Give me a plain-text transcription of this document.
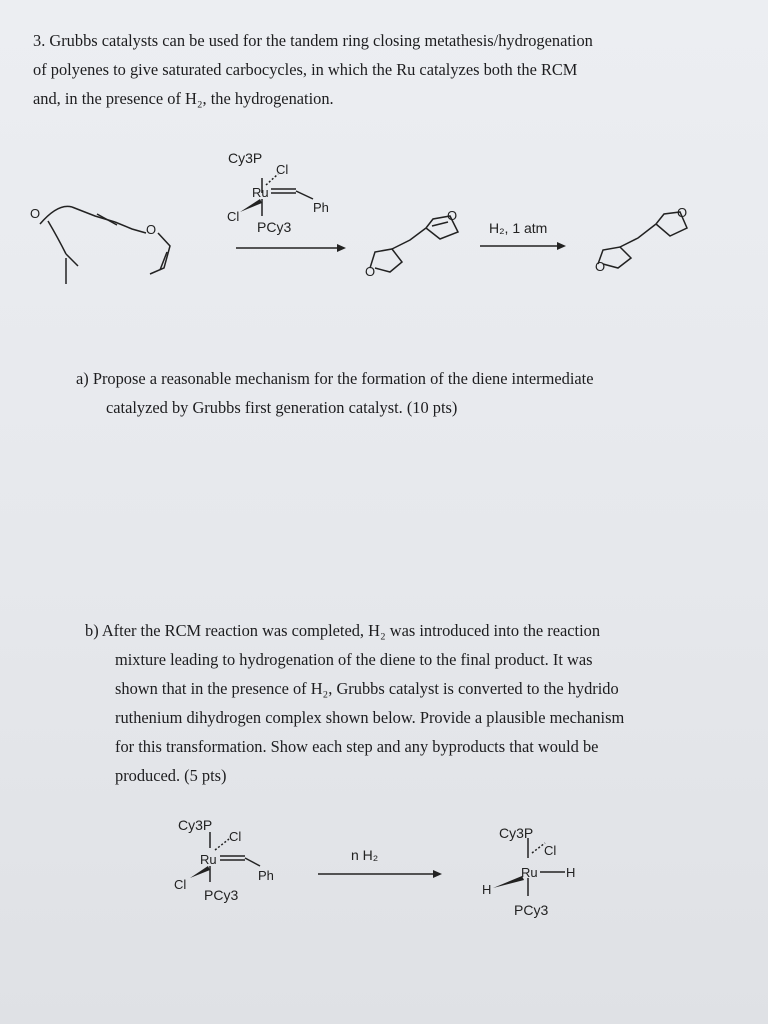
3. Grubbs catalysts can be used for the tandem ring closing metathesis/hydrogenation
of polyenes to give saturated carbocycles, in which the Ru catalyzes both the RCM
and, in the presence of H₂, the hydrogenation.
O
O
O
O
O
O
Cy3P
Cl
Ru
Ph
Cl
PCy3	H₂, 1 atm
a) Propose a reasonable mechanism for the formation of the diene intermediate
catalyzed by Grubbs first generation catalyst. (10 pts)
b) After the RCM reaction was completed, H₂ was introduced into the reaction
mixture leading to hydrogenation of the diene to the final product. It was
shown that in the presence of H₂, Grubbs catalyst is converted to the hydrido
ruthenium dihydrogen complex shown below. Provide a plausible mechanism
for this transformation. Show each step and any byproducts that would be
produced. (5 pts)
Cy3P
Cl
Ru
Ph
Cl
PCy3
n H₂
Cy3P
Cl
Ru H
H
PCy3
